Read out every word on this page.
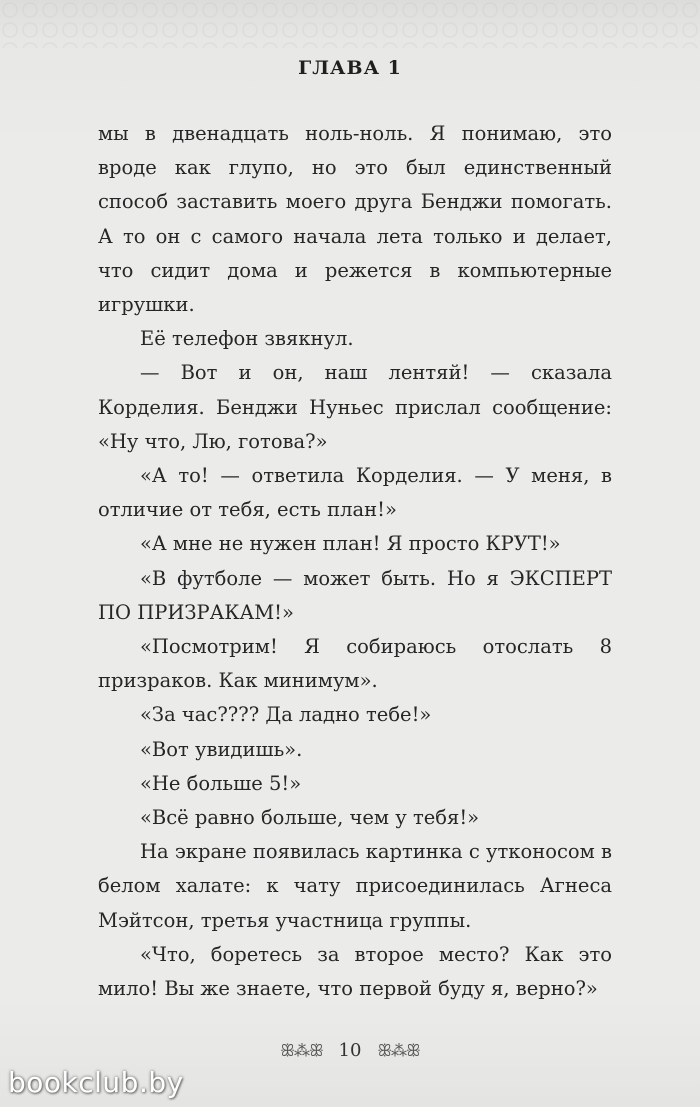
ГЛАВА 1

мы в двенадцать ноль-ноль. Я понимаю, это вроде как глупо, но это был единственный способ заставить моего друга Бенджи помогать. А то он с самого начала лета только и делает, что сидит дома и режется в компьютерные игрушки.

Её телефон звякнул.

— Вот и он, наш лентяй! — сказала Корделия. Бенджи Нуньес прислал сообщение: «Ну что, Лю, готова?»

«А то! — ответила Корделия. — У меня, в отличие от тебя, есть план!»

«А мне не нужен план! Я просто КРУТ!»

«В футболе — может быть. Но я ЭКСПЕРТ ПО ПРИЗРАКАМ!»

«Посмотрим! Я собираюсь отослать 8 призраков. Как минимум».

«За час???? Да ладно тебе!»

«Вот увидишь».

«Не больше 5!»

«Всё равно больше, чем у тебя!»

На экране появилась картинка с утконосом в белом халате: к чату присоединилась Агнеса Мэйтсон, третья участница группы.

«Что, боретесь за второе место? Как это мило! Вы же знаете, что первой буду я, верно?»

ꕥ⁂ꕥ 10 ꕥ⁂ꕥ
bookclub.by
